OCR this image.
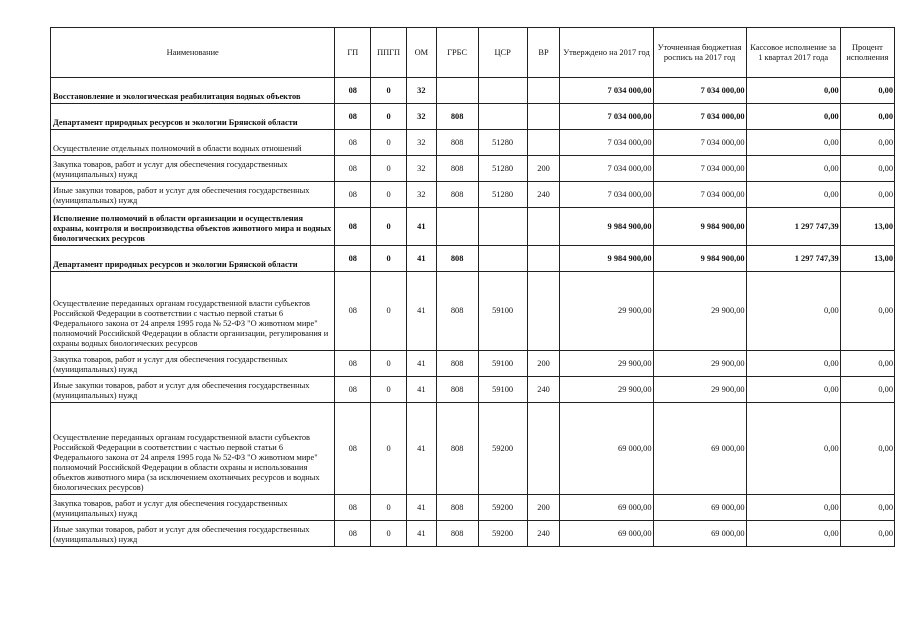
Наименование	ГП	ППГП	ОМ	ГРБС	ЦСР	ВР	Утверждено на 2017 год	Уточненная бюджетная роспись на 2017 год	Кассовое исполнение за 1 квартал 2017 года	Процент исполнения
Восстановление и экологическая реабилитация водных объектов	08	0	32				7 034 000,00	7 034 000,00	0,00	0,00
Департамент природных ресурсов и экологии Брянской области	08	0	32	808			7 034 000,00	7 034 000,00	0,00	0,00
Осуществление отдельных полномочий в области водных отношений	08	0	32	808	51280		7 034 000,00	7 034 000,00	0,00	0,00
Закупка товаров, работ и услуг для обеспечения государственных (муниципальных) нужд	08	0	32	808	51280	200	7 034 000,00	7 034 000,00	0,00	0,00
Иные закупки товаров, работ и услуг для обеспечения государственных (муниципальных) нужд	08	0	32	808	51280	240	7 034 000,00	7 034 000,00	0,00	0,00
Исполнение полномочий в области организации и осуществления охраны, контроля и воспроизводства объектов животного мира и водных биологических ресурсов	08	0	41				9 984 900,00	9 984 900,00	1 297 747,39	13,00
Департамент природных ресурсов и экологии Брянской области	08	0	41	808			9 984 900,00	9 984 900,00	1 297 747,39	13,00
Осуществление переданных органам государственной власти субъектов Российской Федерации в соответствии с частью первой статьи 6 Федерального закона от 24 апреля 1995 года № 52-ФЗ "О животном мире" полномочий Российской Федерации в области организации, регулирования и охраны водных биологических ресурсов	08	0	41	808	59100		29 900,00	29 900,00	0,00	0,00
Закупка товаров, работ и услуг для обеспечения государственных (муниципальных) нужд	08	0	41	808	59100	200	29 900,00	29 900,00	0,00	0,00
Иные закупки товаров, работ и услуг для обеспечения государственных (муниципальных) нужд	08	0	41	808	59100	240	29 900,00	29 900,00	0,00	0,00
Осуществление переданных органам государственной власти субъектов Российской Федерации в соответствии с частью первой статьи 6 Федерального закона от 24 апреля 1995 года № 52-ФЗ "О животном мире" полномочий Российской Федерации в области охраны и использования объектов животного мира (за исключением охотничьих ресурсов и водных биологических ресурсов)	08	0	41	808	59200		69 000,00	69 000,00	0,00	0,00
Закупка товаров, работ и услуг для обеспечения государственных (муниципальных) нужд	08	0	41	808	59200	200	69 000,00	69 000,00	0,00	0,00
Иные закупки товаров, работ и услуг для обеспечения государственных (муниципальных) нужд	08	0	41	808	59200	240	69 000,00	69 000,00	0,00	0,00
